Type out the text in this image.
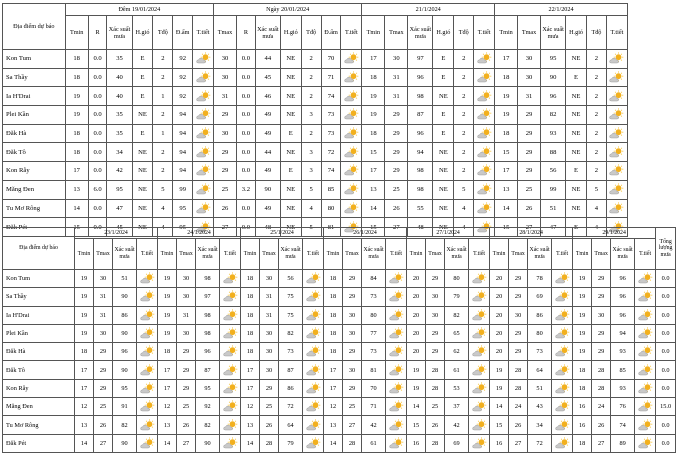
Địa điểm dự báo	Đêm 19/01/2024							Ngày 20/01/2024							21/1/2024						22/1/2024					
	Tmin	R	Xác suất mưa	H.gió	Tđộ	Đ.ẩm	T.tiết	Tmax	R	Xác suất mưa	H.gió	Tđộ	Đ.ẩm	T.tiết	Tmin	Tmax	Xác suất mưa	H.gió	Tđộ	T.tiết	Tmin	Tmax	Xác suất mưa	H.gió	Tđộ	T.tiết
Kon Tum	18	0.0	35	E	2	92		30	0.0	44	NE	2	70		17	30	97	E	2		17	30	95	NE	2	

Sa Thầy	18	0.0	40	E	2	92		30	0.0	45	NE	2	71		18	31	96	E	2		18	30	90	E	2	

Ia H'Drai	19	0.0	40	E	1	92		31	0.0	46	NE	2	74		19	31	98	NE	2		19	31	96	NE	2	

Plei Kần	19	0.0	35	NE	2	94		29	0.0	49	NE	3	73		19	29	87	E	2		19	29	82	NE	2	

Đăk Hà	18	0.0	35	E	1	94		30	0.0	49	E	2	73		18	29	96	E	2		18	29	93	NE	2	

Đăk Tô	18	0.0	34	NE	2	94		29	0.0	44	NE	3	72		15	29	94	NE	2		15	29	88	NE	2	

Kon Rẫy	17	0.0	42	NE	2	94		29	0.0	49	E	3	74		17	29	98	NE	2		17	29	56	E	2	

Măng Đen	13	6.0	95	NE	5	99		25	3.2	90	NE	5	85		13	25	98	NE	5		13	25	99	NE	5	

Tu Mơ Rông	14	0.0	47	NE	4	95		26	0.0	49	NE	4	80		14	26	55	NE	4		14	26	51	NE	4	

Đăk Pét	15	0.0	45	NE	4	95		27	0.0	48	NE	5	81		15	27	48	NE	4		15	27	47	E	4	
Địa điểm dự báo	23/1/2024				24/1/2024				25/1/2024				26/1/2024				27/1/2024				28/1/2024				29/1/2024				Tổng lượng mưa
	Tmin	Tmax	Xác suất mưa	T.tiết	Tmin	Tmax	Xác suất mưa	T.tiết	Tmin	Tmax	Xác suất mưa	T.tiết	Tmin	Tmax	Xác suất mưa	T.tiết	Tmin	Tmax	Xác suất mưa	T.tiết	Tmin	Tmax	Xác suất mưa	T.tiết	Tmin	Tmax	Xác suất mưa	T.tiết	
Kon Tum	19	30	51		19	30	98		18	30	56		18	29	84		20	29	80		20	29	78		19	29	96		0.0
Sa Thầy	19	31	90		19	30	97		18	31	75		18	29	73		20	30	79		20	29	69		19	29	96		0.0
Ia H'Drai	19	31	86		19	31	98		18	31	75		18	30	80		20	30	82		20	30	86		19	30	96		0.0
Plei Kần	19	30	90		19	30	98		18	30	82		18	30	77		20	29	65		20	29	80		19	29	94		0.0
Đăk Hà	18	29	96		18	29	96		18	30	73		18	29	73		20	29	62		20	29	73		19	29	93		0.0
Đăk Tô	17	29	90		17	29	87		17	30	87		17	30	81		19	28	61		19	28	64		18	28	85		0.0
Kon Rẫy	17	29	95		17	29	95		17	29	86		17	29	70		19	28	53		19	28	51		18	28	93		0.0
Măng Đen	12	25	91		12	25	92		12	25	72		12	25	71		14	25	37		14	24	43		16	24	76		15.0
Tu Mơ Rông	13	26	82		13	26	82		13	26	64		13	27	42		15	26	42		15	26	34		16	26	74		0.0
Đăk Pét	14	27	90		14	27	90		14	28	79		14	28	61		16	28	69		16	27	72		18	27	89		0.0
